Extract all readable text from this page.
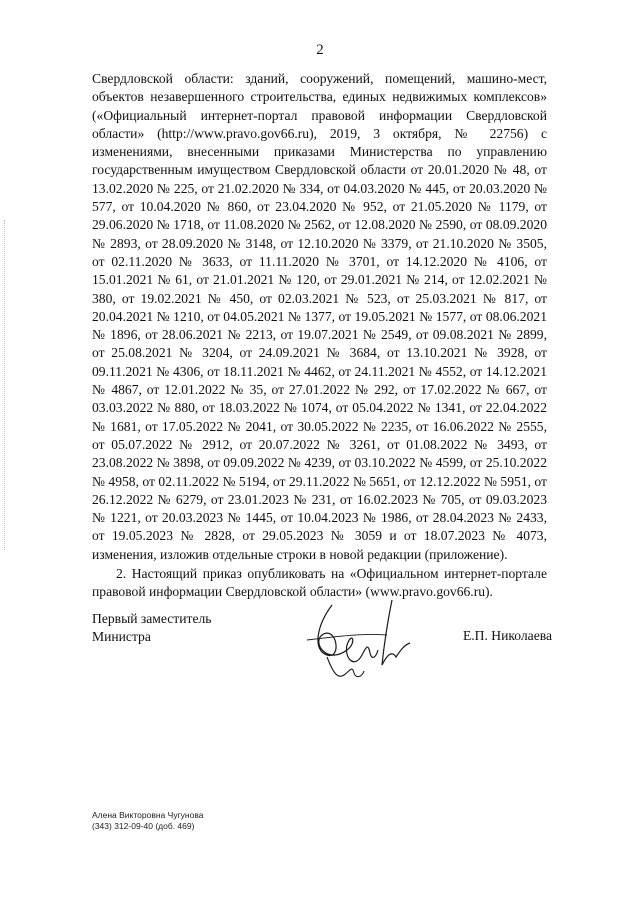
2

Свердловской области: зданий, сооружений, помещений, машино-мест, объектов незавершенного строительства, единых недвижимых комплексов» («Официальный интернет-портал правовой информации Свердловской области» (http://www.pravo.gov66.ru), 2019, 3 октября, № 22756) с изменениями, внесенными приказами Министерства по управлению государственным имуществом Свердловской области от 20.01.2020 № 48, от 13.02.2020 № 225, от 21.02.2020 № 334, от 04.03.2020 № 445, от 20.03.2020 № 577, от 10.04.2020 № 860, от 23.04.2020 № 952, от 21.05.2020 № 1179, от 29.06.2020 № 1718, от 11.08.2020 № 2562, от 12.08.2020 № 2590, от 08.09.2020 № 2893, от 28.09.2020 № 3148, от 12.10.2020 № 3379, от 21.10.2020 № 3505, от 02.11.2020 № 3633, от 11.11.2020 № 3701, от 14.12.2020 № 4106, от 15.01.2021 № 61, от 21.01.2021 № 120, от 29.01.2021 № 214, от 12.02.2021 № 380, от 19.02.2021 № 450, от 02.03.2021 № 523, от 25.03.2021 № 817, от 20.04.2021 № 1210, от 04.05.2021 № 1377, от 19.05.2021 № 1577, от 08.06.2021 № 1896, от 28.06.2021 № 2213, от 19.07.2021 № 2549, от 09.08.2021 № 2899, от 25.08.2021 № 3204, от 24.09.2021 № 3684, от 13.10.2021 № 3928, от 09.11.2021 № 4306, от 18.11.2021 № 4462, от 24.11.2021 № 4552, от 14.12.2021 № 4867, от 12.01.2022 № 35, от 27.01.2022 № 292, от 17.02.2022 № 667, от 03.03.2022 № 880, от 18.03.2022 № 1074, от 05.04.2022 № 1341, от 22.04.2022 № 1681, от 17.05.2022 № 2041, от 30.05.2022 № 2235, от 16.06.2022 № 2555, от 05.07.2022 № 2912, от 20.07.2022 № 3261, от 01.08.2022 № 3493, от 23.08.2022 № 3898, от 09.09.2022 № 4239, от 03.10.2022 № 4599, от 25.10.2022 № 4958, от 02.11.2022 № 5194, от 29.11.2022 № 5651, от 12.12.2022 № 5951, от 26.12.2022 № 6279, от 23.01.2023 № 231, от 16.02.2023 № 705, от 09.03.2023 № 1221, от 20.03.2023 № 1445, от 10.04.2023 № 1986, от 28.04.2023 № 2433, от 19.05.2023 № 2828, от 29.05.2023 № 3059 и от 18.07.2023 № 4073, изменения, изложив отдельные строки в новой редакции (приложение).

2. Настоящий приказ опубликовать на «Официальном интернет-портале правовой информации Свердловской области» (www.pravo.gov66.ru).

Первый заместитель
Министра	Е.П. Николаева
Алена Викторовна Чугунова
(343) 312-09-40 (доб. 469)
